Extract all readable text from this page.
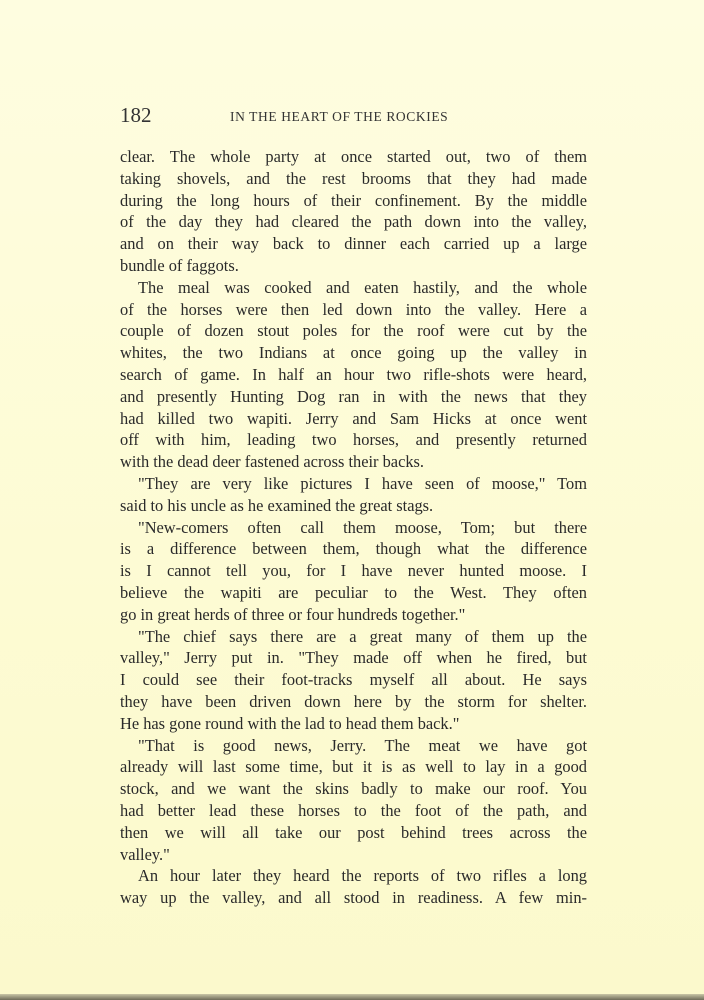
182	IN THE HEART OF THE ROCKIES
clear. The whole party at once started out, two of them
taking shovels, and the rest brooms that they had made
during the long hours of their confinement. By the middle
of the day they had cleared the path down into the valley,
and on their way back to dinner each carried up a large
bundle of faggots.
The meal was cooked and eaten hastily, and the whole
of the horses were then led down into the valley. Here a
couple of dozen stout poles for the roof were cut by the
whites, the two Indians at once going up the valley in
search of game. In half an hour two rifle-shots were heard,
and presently Hunting Dog ran in with the news that they
had killed two wapiti. Jerry and Sam Hicks at once went
off with him, leading two horses, and presently returned
with the dead deer fastened across their backs.
"They are very like pictures I have seen of moose," Tom
said to his uncle as he examined the great stags.
"New-comers often call them moose, Tom; but there
is a difference between them, though what the difference
is I cannot tell you, for I have never hunted moose. I
believe the wapiti are peculiar to the West. They often
go in great herds of three or four hundreds together."
"The chief says there are a great many of them up the
valley," Jerry put in. "They made off when he fired, but
I could see their foot-tracks myself all about. He says
they have been driven down here by the storm for shelter.
He has gone round with the lad to head them back."
"That is good news, Jerry. The meat we have got
already will last some time, but it is as well to lay in a good
stock, and we want the skins badly to make our roof. You
had better lead these horses to the foot of the path, and
then we will all take our post behind trees across the
valley."
An hour later they heard the reports of two rifles a long
way up the valley, and all stood in readiness. A few min-
